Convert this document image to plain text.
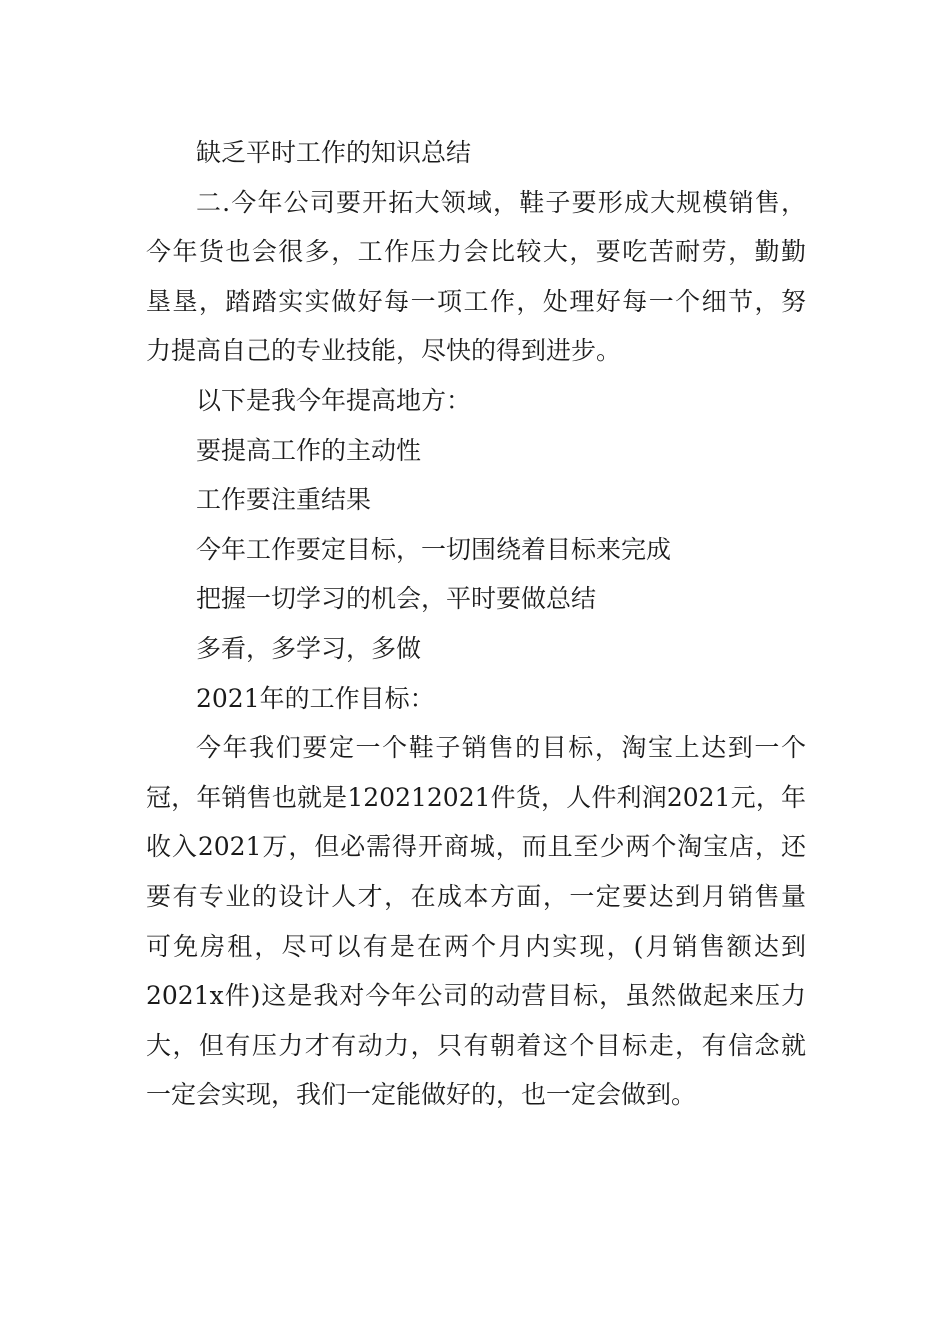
缺乏平时工作的知识总结
二.今年公司要开拓大领域，鞋子要形成大规模销售，
今年货也会很多，工作压力会比较大，要吃苦耐劳，勤勤
垦垦，踏踏实实做好每一项工作，处理好每一个细节，努
力提高自己的专业技能，尽快的得到进步。
以下是我今年提高地方：
要提高工作的主动性
工作要注重结果
今年工作要定目标，一切围绕着目标来完成
把握一切学习的机会，平时要做总结
多看，多学习，多做
2021年的工作目标：
今年我们要定一个鞋子销售的目标，淘宝上达到一个
冠，年销售也就是120212021件货，人件利润2021元，年
收入2021万，但必需得开商城，而且至少两个淘宝店，还
要有专业的设计人才，在成本方面，一定要达到月销售量
可免房租，尽可以有是在两个月内实现，(月销售额达到
2021x件)这是我对今年公司的动营目标，虽然做起来压力
大，但有压力才有动力，只有朝着这个目标走，有信念就
一定会实现，我们一定能做好的，也一定会做到。
